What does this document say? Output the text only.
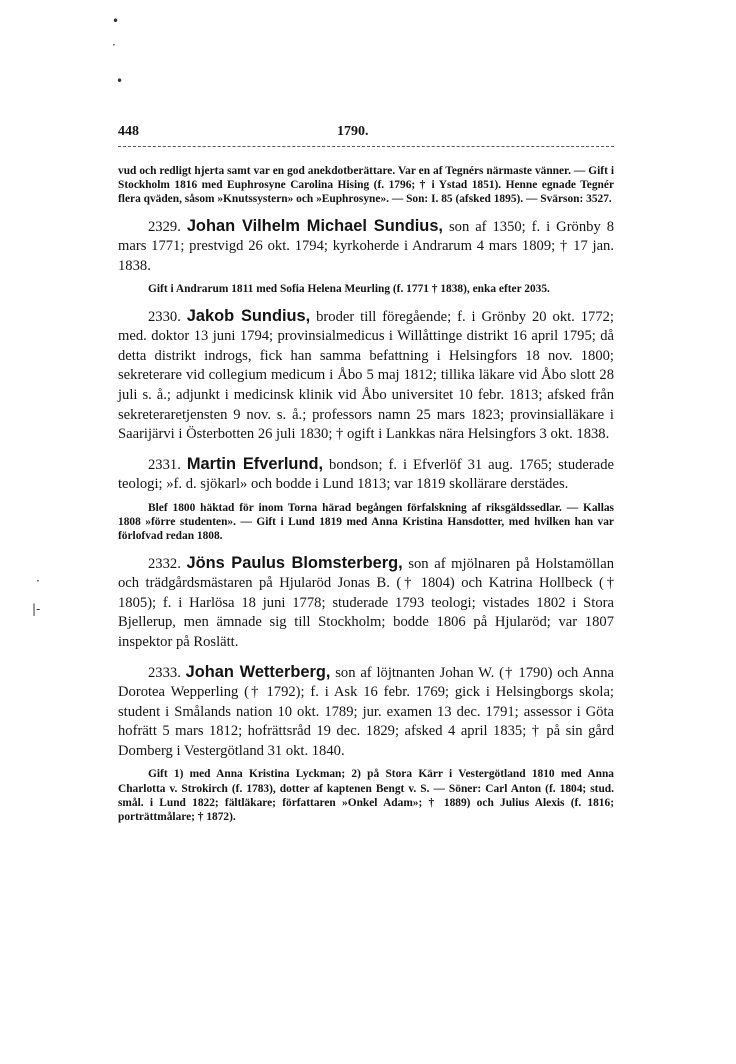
•
·
•
·
|-
448	1790.

vud och redligt hjerta samt var en god anekdotberättare. Var en af Tegnérs närmaste vänner. — Gift i Stockholm 1816 med Euphrosyne Carolina Hising (f. 1796; † i Ystad 1851). Henne egnade Tegnér flera qväden, såsom »Knutssystern» och »Euphrosyne». — Son: I. 85 (afsked 1895). — Svärson: 3527.

2329. Johan Vilhelm Michael Sundius, son af 1350; f. i Grönby 8 mars 1771; prestvigd 26 okt. 1794; kyrkoherde i Andrarum 4 mars 1809; † 17 jan. 1838.

Gift i Andrarum 1811 med Sofia Helena Meurling (f. 1771 † 1838), enka efter 2035.

2330. Jakob Sundius, broder till föregående; f. i Grönby 20 okt. 1772; med. doktor 13 juni 1794; provinsialmedicus i Willåttinge distrikt 16 april 1795; då detta distrikt indrogs, fick han samma befattning i Helsingfors 18 nov. 1800; sekreterare vid collegium medicum i Åbo 5 maj 1812; tillika läkare vid Åbo slott 28 juli s. å.; adjunkt i medicinsk klinik vid Åbo universitet 10 febr. 1813; afsked från sekreteraretjensten 9 nov. s. å.; professors namn 25 mars 1823; provinsialläkare i Saarijärvi i Österbotten 26 juli 1830; † ogift i Lankkas nära Helsingfors 3 okt. 1838.

2331. Martin Efverlund, bondson; f. i Efverlöf 31 aug. 1765; studerade teologi; »f. d. sjökarl» och bodde i Lund 1813; var 1819 skollärare derstädes.

Blef 1800 häktad för inom Torna härad begången förfalskning af riksgäldssedlar. — Kallas 1808 »förre studenten». — Gift i Lund 1819 med Anna Kristina Hansdotter, med hvilken han var förlofvad redan 1808.

2332. Jöns Paulus Blomsterberg, son af mjölnaren på Holstamöllan och trädgårdsmästaren på Hjularöd Jonas B. († 1804) och Katrina Hollbeck († 1805); f. i Harlösa 18 juni 1778; studerade 1793 teologi; vistades 1802 i Stora Bjellerup, men ämnade sig till Stockholm; bodde 1806 på Hjularöd; var 1807 inspektor på Roslätt.

2333. Johan Wetterberg, son af löjtnanten Johan W. († 1790) och Anna Dorotea Wepperling († 1792); f. i Ask 16 febr. 1769; gick i Helsingborgs skola; student i Smålands nation 10 okt. 1789; jur. examen 13 dec. 1791; assessor i Göta hofrätt 5 mars 1812; hofrättsråd 19 dec. 1829; afsked 4 april 1835; † på sin gård Domberg i Vestergötland 31 okt. 1840.

Gift 1) med Anna Kristina Lyckman; 2) på Stora Kärr i Vestergötland 1810 med Anna Charlotta v. Strokirch (f. 1783), dotter af kaptenen Bengt v. S. — Söner: Carl Anton (f. 1804; stud. smål. i Lund 1822; fältläkare; författaren »Onkel Adam»; † 1889) och Julius Alexis (f. 1816; porträttmålare; † 1872).
